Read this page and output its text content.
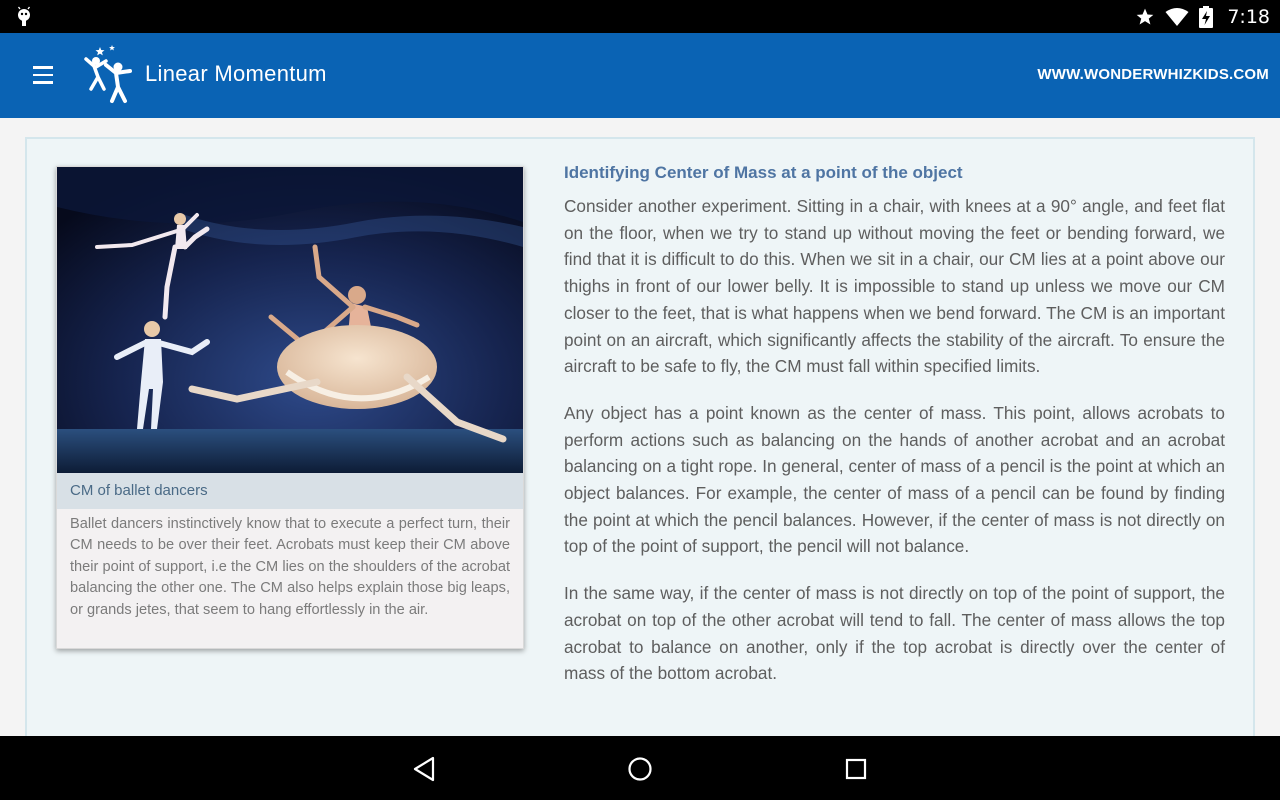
7:18
Linear Momentum	WWW.WONDERWHIZKIDS.COM
CM of ballet dancers
Ballet dancers instinctively know that to execute a perfect turn, their CM needs to be over their feet. Acrobats must keep their CM above their point of support, i.e the CM lies on the shoulders of the acrobat balancing the other one. The CM also helps explain those big leaps, or grands jetes, that seem to hang effortlessly in the air.
Identifying Center of Mass at a point of the object

Consider another experiment. Sitting in a chair, with knees at a 90° angle, and feet flat on the floor, when we try to stand up without moving the feet or bending forward, we find that it is difficult to do this. When we sit in a chair, our CM lies at a point above our thighs in front of our lower belly. It is impossible to stand up unless we move our CM closer to the feet, that is what happens when we bend forward. The CM is an important point on an aircraft, which significantly affects the stability of the aircraft. To ensure the aircraft to be safe to fly, the CM must fall within specified limits.

Any object has a point known as the center of mass. This point, allows acrobats to perform actions such as balancing on the hands of another acrobat and an acrobat balancing on a tight rope. In general, center of mass of a pencil is the point at which an object balances. For example, the center of mass of a pencil can be found by finding the point at which the pencil balances. However, if the center of mass is not directly on top of the point of support, the pencil will not balance.

In the same way, if the center of mass is not directly on top of the point of support, the acrobat on top of the other acrobat will tend to fall. The center of mass allows the top acrobat to balance on another, only if the top acrobat is directly over the center of mass of the bottom acrobat.
